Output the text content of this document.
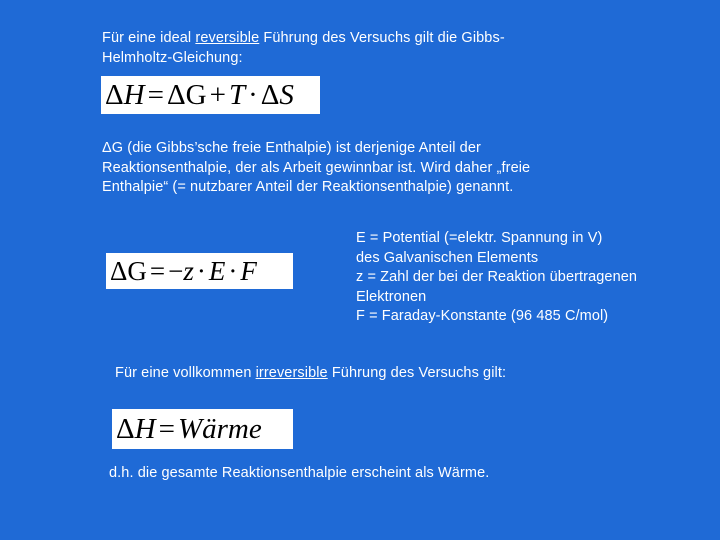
Für eine ideal reversible Führung des Versuchs gilt die Gibbs-
Helmholtz-Gleichung:
Δ H = Δ G + T · Δ S
ΔG (die Gibbs’sche freie Enthalpie) ist derjenige Anteil der
Reaktionsenthalpie, der als Arbeit gewinnbar ist. Wird daher „freie
Enthalpie“ (= nutzbarer Anteil der Reaktionsenthalpie) genannt.
Δ G = − z · E · F
E = Potential (=elektr. Spannung in V)
des Galvanischen Elements
z = Zahl der bei der Reaktion übertragenen
Elektronen
F = Faraday-Konstante (96 485 C/mol)
Für eine vollkommen irreversible Führung des Versuchs gilt:
Δ H = Wärme
d.h. die gesamte Reaktionsenthalpie erscheint als Wärme.
